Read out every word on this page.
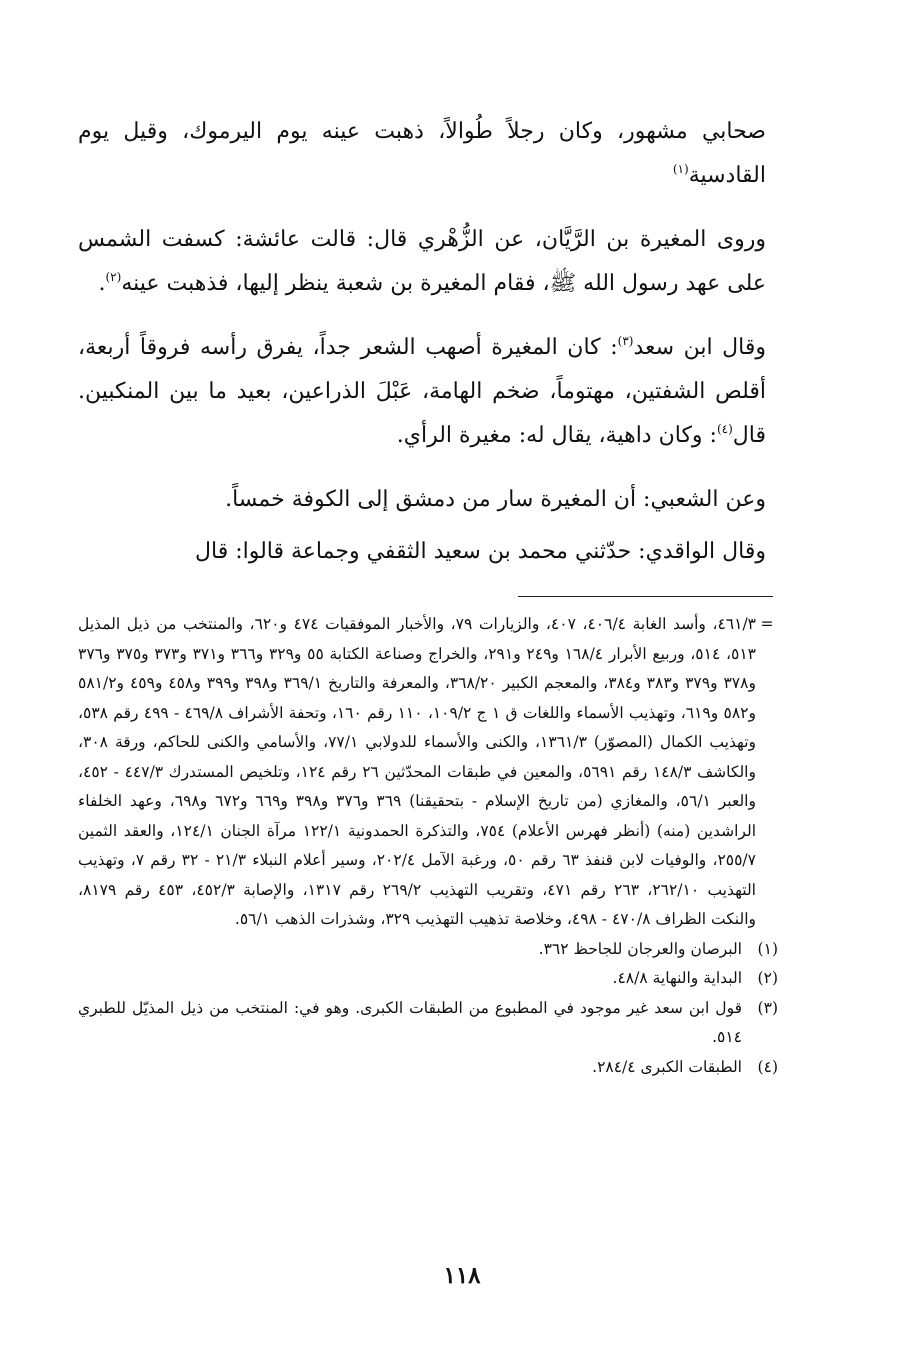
صحابي مشهور، وكان رجلاً طُوالاً، ذهبت عينه يوم اليرموك، وقيل يوم القادسية$^{(١)}$

وروى المغيرة بن الرَّيَّان، عن الزُّهْري قال: قالت عائشة: كسفت الشمس على عهد رسول الله ﷺ، فقام المغيرة بن شعبة ينظر إليها، فذهبت عينه$^{(٢)}$.

وقال ابن سعد$^{(٣)}$: كان المغيرة أصهب الشعر جداً، يفرق رأسه فروقاً أربعة، أقلص الشفتين، مهتوماً، ضخم الهامة، عَبْلَ الذراعين، بعيد ما بين المنكبين. قال$^{(٤)}$: وكان داهية، يقال له: مغيرة الرأي.

وعن الشعبي: أن المغيرة سار من دمشق إلى الكوفة خمساً.

وقال الواقدي: حدّثني محمد بن سعيد الثقفي وجماعة قالوا: قال

=
٤٦١/٣، وأسد الغابة ٤٠٦/٤، ٤٠٧، والزيارات ٧٩، والأخبار الموفقيات ٤٧٤ و٦٢٠، والمنتخب من ذيل المذيل ٥١٣، ٥١٤، وربيع الأبرار ١٦٨/٤ و٢٤٩ و٢٩١، والخراج وصناعة الكتابة ٥٥ و٣٢٩ و٣٦٦ و٣٧١ و٣٧٣ و٣٧٥ و٣٧٦ و٣٧٨ و٣٧٩ و٣٨٣ و٣٨٤، والمعجم الكبير ٣٦٨/٢٠، والمعرفة والتاريخ ٣٦٩/١ و٣٩٨ و٣٩٩ و٤٥٨ و٤٥٩ و٥٨١/٢ و٥٨٢ و٦١٩، وتهذيب الأسماء واللغات ق ١ ج ١٠٩/٢، ١١٠ رقم ١٦٠، وتحفة الأشراف ٤٦٩/٨ - ٤٩٩ رقم ٥٣٨، وتهذيب الكمال (المصوّر) ١٣٦١/٣، والكنى والأسماء للدولابي ٧٧/١، والأسامي والكنى للحاكم، ورقة ٣٠٨، والكاشف ١٤٨/٣ رقم ٥٦٩١، والمعين في طبقات المحدّثين ٢٦ رقم ١٢٤، وتلخيص المستدرك ٤٤٧/٣ - ٤٥٢، والعبر ٥٦/١، والمغازي (من تاريخ الإسلام - بتحقيقنا) ٣٦٩ و٣٧٦ و٣٩٨ و٦٦٩ و٦٧٢ و٦٩٨، وعهد الخلفاء الراشدين (منه) (أنظر فهرس الأعلام) ٧٥٤، والتذكرة الحمدونية ١٢٢/١ مرآة الجنان ١٢٤/١، والعقد الثمين ٢٥٥/٧، والوفيات لابن قنفذ ٦٣ رقم ٥٠، ورغبة الآمل ٢٠٢/٤، وسير أعلام النبلاء ٢١/٣ - ٣٢ رقم ٧، وتهذيب التهذيب ٢٦٢/١٠، ٢٦٣ رقم ٤٧١، وتقريب التهذيب ٢٦٩/٢ رقم ١٣١٧، والإصابة ٤٥٢/٣، ٤٥٣ رقم ٨١٧٩، والنكت الظراف ٤٧٠/٨ - ٤٩٨، وخلاصة تذهيب التهذيب ٣٢٩، وشذرات الذهب ٥٦/١.
(١)
البرصان والعرجان للجاحظ ٣٦٢.
(٢)
البداية والنهاية ٤٨/٨.
(٣)
قول ابن سعد غير موجود في المطبوع من الطبقات الكبرى. وهو في: المنتخب من ذيل المذيّل للطبري ٥١٤.
(٤)
الطبقات الكبرى ٢٨٤/٤.
١١٨
